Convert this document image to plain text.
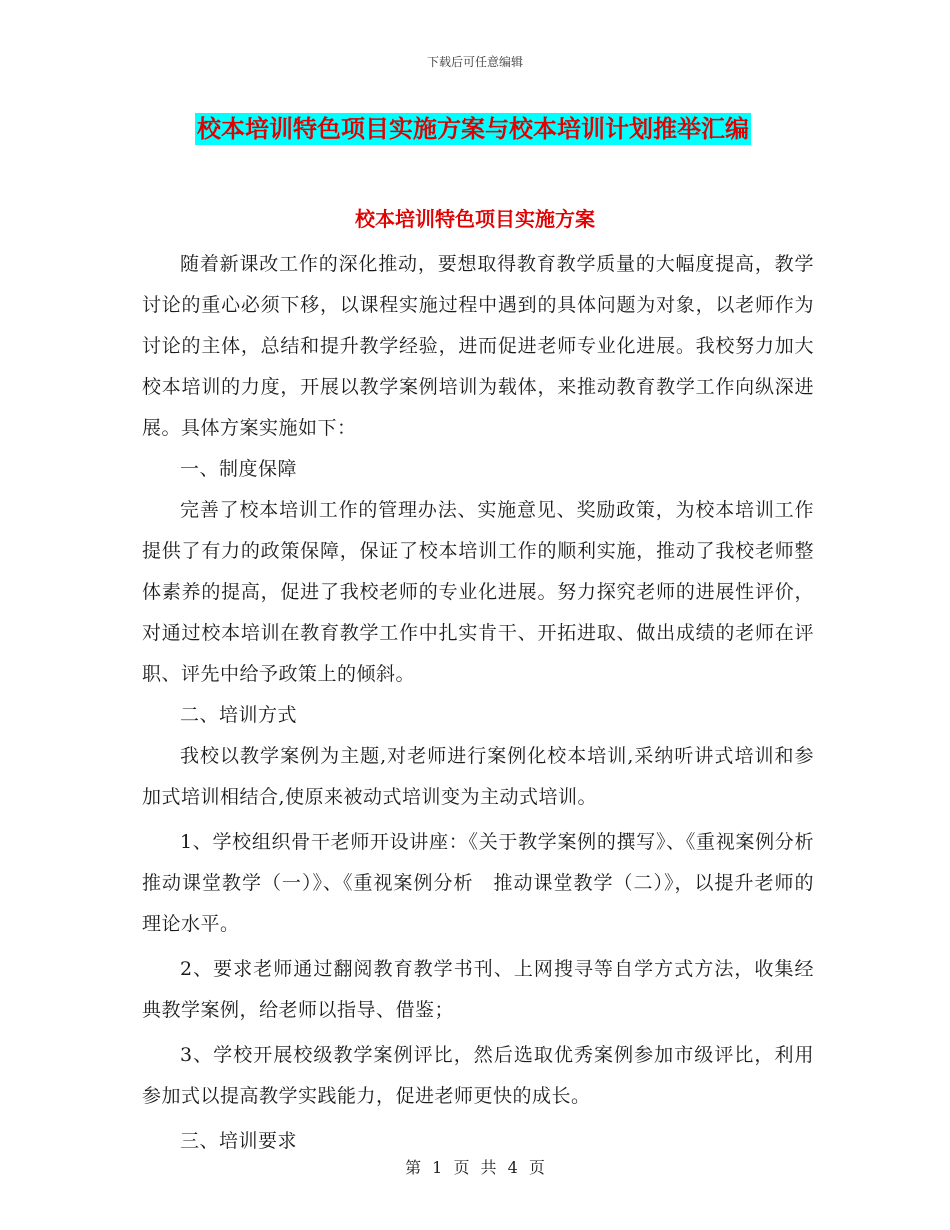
下载后可任意编辑
校本培训特色项目实施方案与校本培训计划推举汇编
校本培训特色项目实施方案

随着新课改工作的深化推动，要想取得教育教学质量的大幅度提高，教学讨论的重心必须下移，以课程实施过程中遇到的具体问题为对象，以老师作为讨论的主体，总结和提升教学经验，进而促进老师专业化进展。我校努力加大校本培训的力度，开展以教学案例培训为载体，来推动教育教学工作向纵深进展。具体方案实施如下：

一、制度保障

完善了校本培训工作的管理办法、实施意见、奖励政策，为校本培训工作提供了有力的政策保障，保证了校本培训工作的顺利实施，推动了我校老师整体素养的提高，促进了我校老师的专业化进展。努力探究老师的进展性评价，对通过校本培训在教育教学工作中扎实肯干、开拓进取、做出成绩的老师在评职、评先中给予政策上的倾斜。

二、培训方式

我校以教学案例为主题,对老师进行案例化校本培训,采纳听讲式培训和参加式培训相结合,使原来被动式培训变为主动式培训。

1、学校组织骨干老师开设讲座：《关于教学案例的撰写》、《重视案例分析　推动课堂教学（一）》、《重视案例分析　推动课堂教学（二）》，以提升老师的理论水平。

2、要求老师通过翻阅教育教学书刊、上网搜寻等自学方式方法，收集经典教学案例，给老师以指导、借鉴；

3、学校开展校级教学案例评比，然后选取优秀案例参加市级评比，利用参加式以提高教学实践能力，促进老师更快的成长。

三、培训要求

第 1 页 共 4 页
